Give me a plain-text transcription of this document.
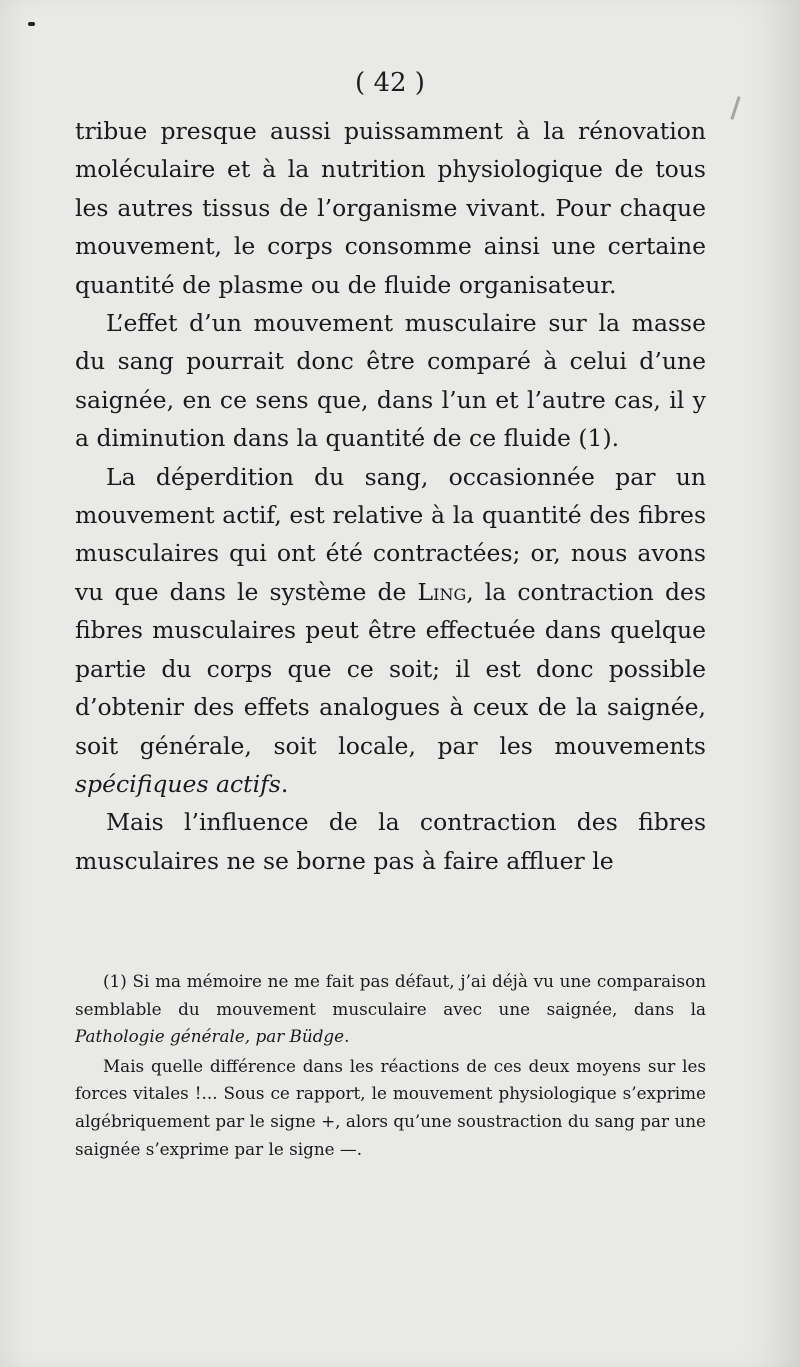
( 42 )

tribue presque aussi puissamment à la rénovation moléculaire et à la nutrition physiologique de tous les autres tissus de l’organisme vivant. Pour chaque mouvement, le corps consomme ainsi une certaine quantité de plasme ou de fluide organisateur.

L’effet d’un mouvement musculaire sur la masse du sang pourrait donc être comparé à celui d’une saignée, en ce sens que, dans l’un et l’autre cas, il y a diminution dans la quantité de ce fluide (1).

La déperdition du sang, occasionnée par un mouvement actif, est relative à la quantité des fibres musculaires qui ont été contractées; or, nous avons vu que dans le système de Ling, la contraction des fibres musculaires peut être effectuée dans quelque partie du corps que ce soit; il est donc possible d’obtenir des effets analogues à ceux de la saignée, soit générale, soit locale, par les mouvements spécifiques actifs.

Mais l’influence de la contraction des fibres musculaires ne se borne pas à faire affluer le

(1) Si ma mémoire ne me fait pas défaut, j’ai déjà vu une comparaison semblable du mouvement musculaire avec une saignée, dans la Pathologie générale, par Büdge.

Mais quelle différence dans les réactions de ces deux moyens sur les forces vitales !... Sous ce rapport, le mouvement physiologique s’exprime algébriquement par le signe +, alors qu’une soustraction du sang par une saignée s’exprime par le signe —.
